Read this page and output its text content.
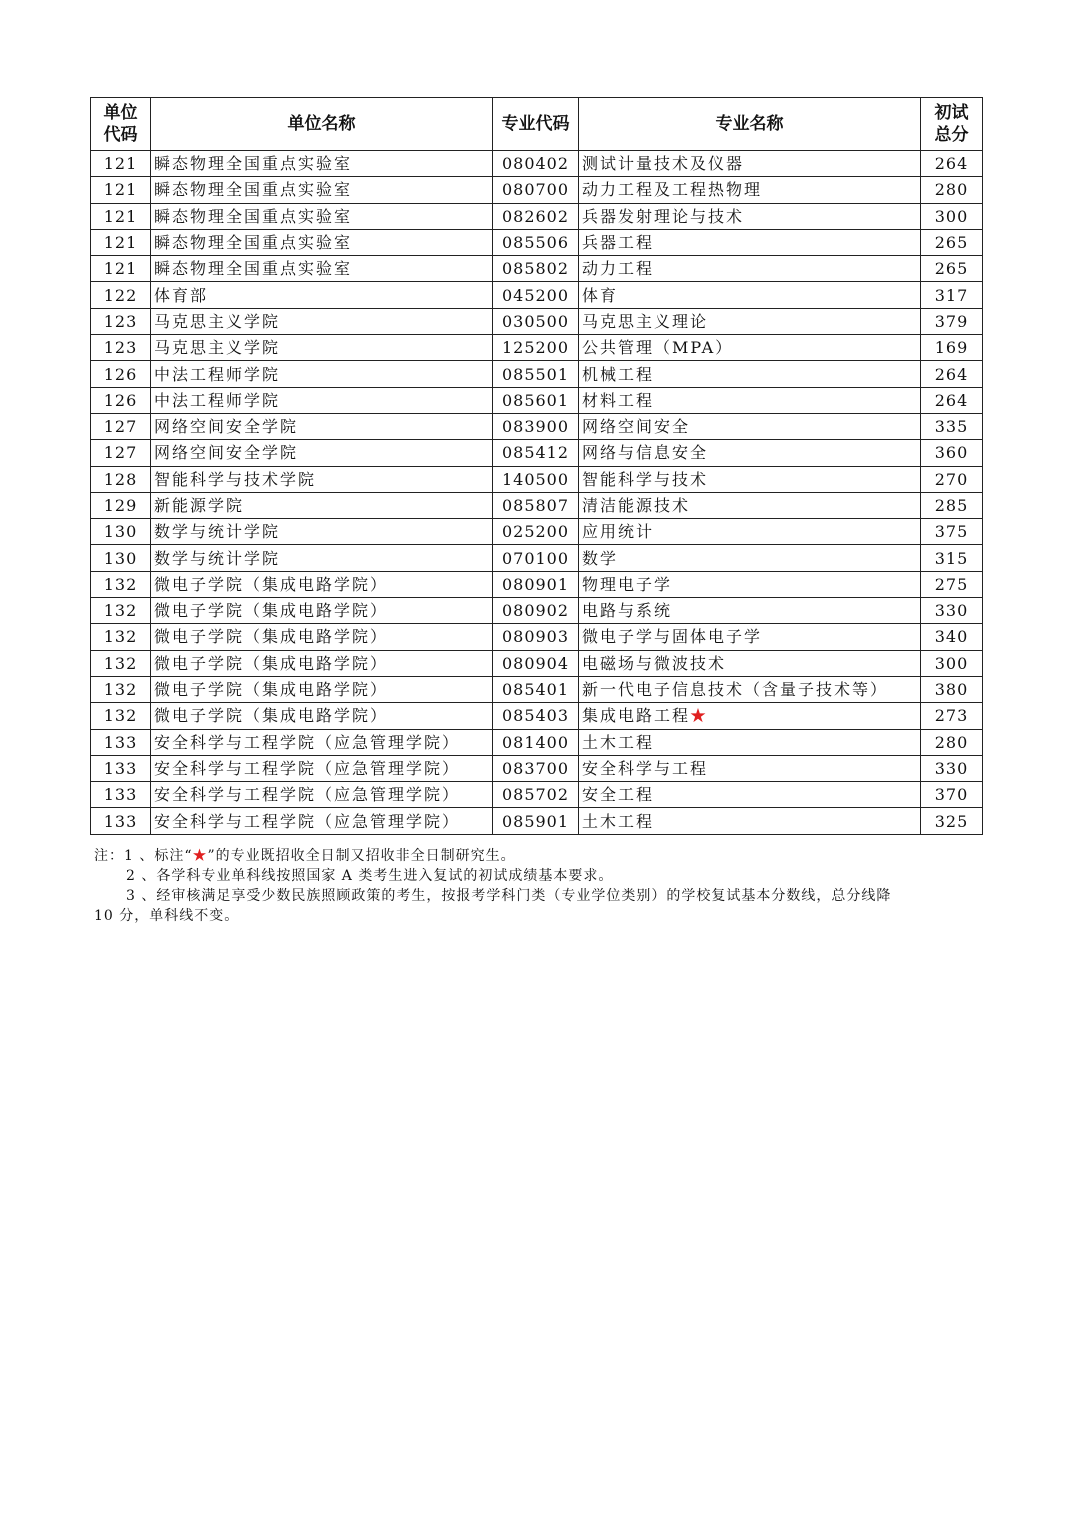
单位代码	单位名称	专业代码	专业名称	初试总分
121	瞬态物理全国重点实验室	080402	测试计量技术及仪器	264
121	瞬态物理全国重点实验室	080700	动力工程及工程热物理	280
121	瞬态物理全国重点实验室	082602	兵器发射理论与技术	300
121	瞬态物理全国重点实验室	085506	兵器工程	265
121	瞬态物理全国重点实验室	085802	动力工程	265
122	体育部	045200	体育	317
123	马克思主义学院	030500	马克思主义理论	379
123	马克思主义学院	125200	公共管理（MPA）	169
126	中法工程师学院	085501	机械工程	264
126	中法工程师学院	085601	材料工程	264
127	网络空间安全学院	083900	网络空间安全	335
127	网络空间安全学院	085412	网络与信息安全	360
128	智能科学与技术学院	140500	智能科学与技术	270
129	新能源学院	085807	清洁能源技术	285
130	数学与统计学院	025200	应用统计	375
130	数学与统计学院	070100	数学	315
132	微电子学院（集成电路学院）	080901	物理电子学	275
132	微电子学院（集成电路学院）	080902	电路与系统	330
132	微电子学院（集成电路学院）	080903	微电子学与固体电子学	340
132	微电子学院（集成电路学院）	080904	电磁场与微波技术	300
132	微电子学院（集成电路学院）	085401	新一代电子信息技术（含量子技术等）	380
132	微电子学院（集成电路学院）	085403	集成电路工程★	273
133	安全科学与工程学院（应急管理学院）	081400	土木工程	280
133	安全科学与工程学院（应急管理学院）	083700	安全科学与工程	330
133	安全科学与工程学院（应急管理学院）	085702	安全工程	370
133	安全科学与工程学院（应急管理学院）	085901	土木工程	325

注：1 、标注“★”的专业既招收全日制又招收非全日制研究生。

2 、各学科专业单科线按照国家 A 类考生进入复试的初试成绩基本要求。

3 、经审核满足享受少数民族照顾政策的考生，按报考学科门类（专业学位类别）的学校复试基本分数线，总分线降

10 分，单科线不变。
